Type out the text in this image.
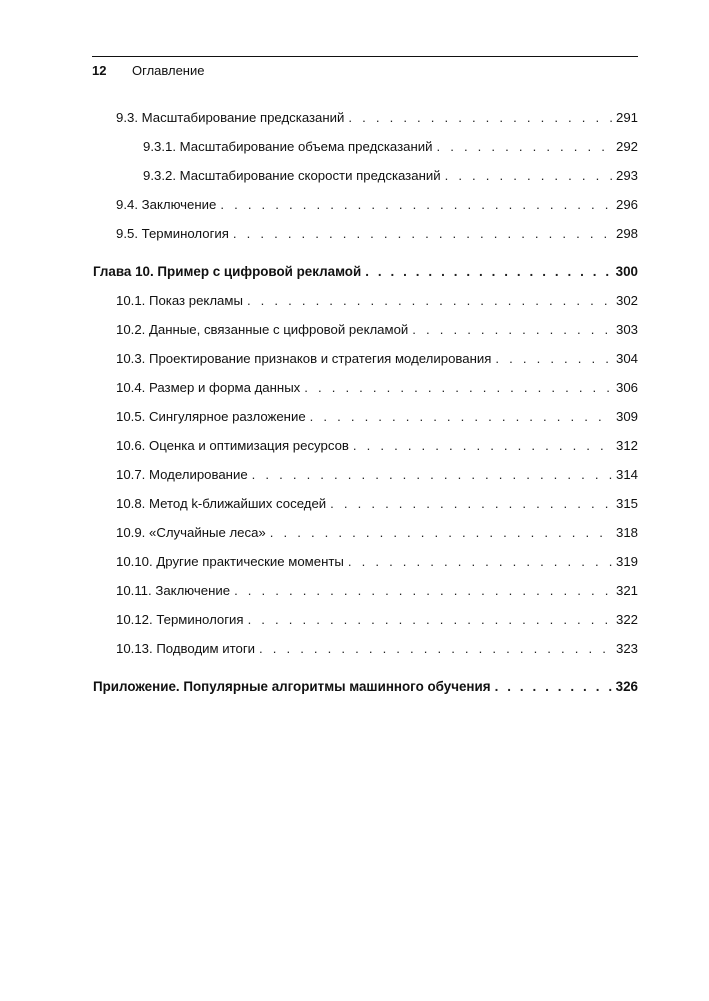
12 Оглавление
9.3. Масштабирование предсказаний . . .	291
9.3.1. Масштабирование объема предсказаний . . .	292
9.3.2. Масштабирование скорости предсказаний . . .	293
9.4. Заключение . . .	296
9.5. Терминология . . .	298
Глава 10. Пример с цифровой рекламой . . .	300
10.1. Показ рекламы . . .	302
10.2. Данные, связанные с цифровой рекламой . . .	303
10.3. Проектирование признаков и стратегия моделирования . . .	304
10.4. Размер и форма данных . . .	306
10.5. Сингулярное разложение . . .	309
10.6. Оценка и оптимизация ресурсов . . .	312
10.7. Моделирование . . .	314
10.8. Метод k-ближайших соседей . . .	315
10.9. «Случайные леса» . . .	318
10.10. Другие практические моменты . . .	319
10.11. Заключение . . .	321
10.12. Терминология . . .	322
10.13. Подводим итоги . . .	323
Приложение. Популярные алгоритмы машинного обучения . . .	326
